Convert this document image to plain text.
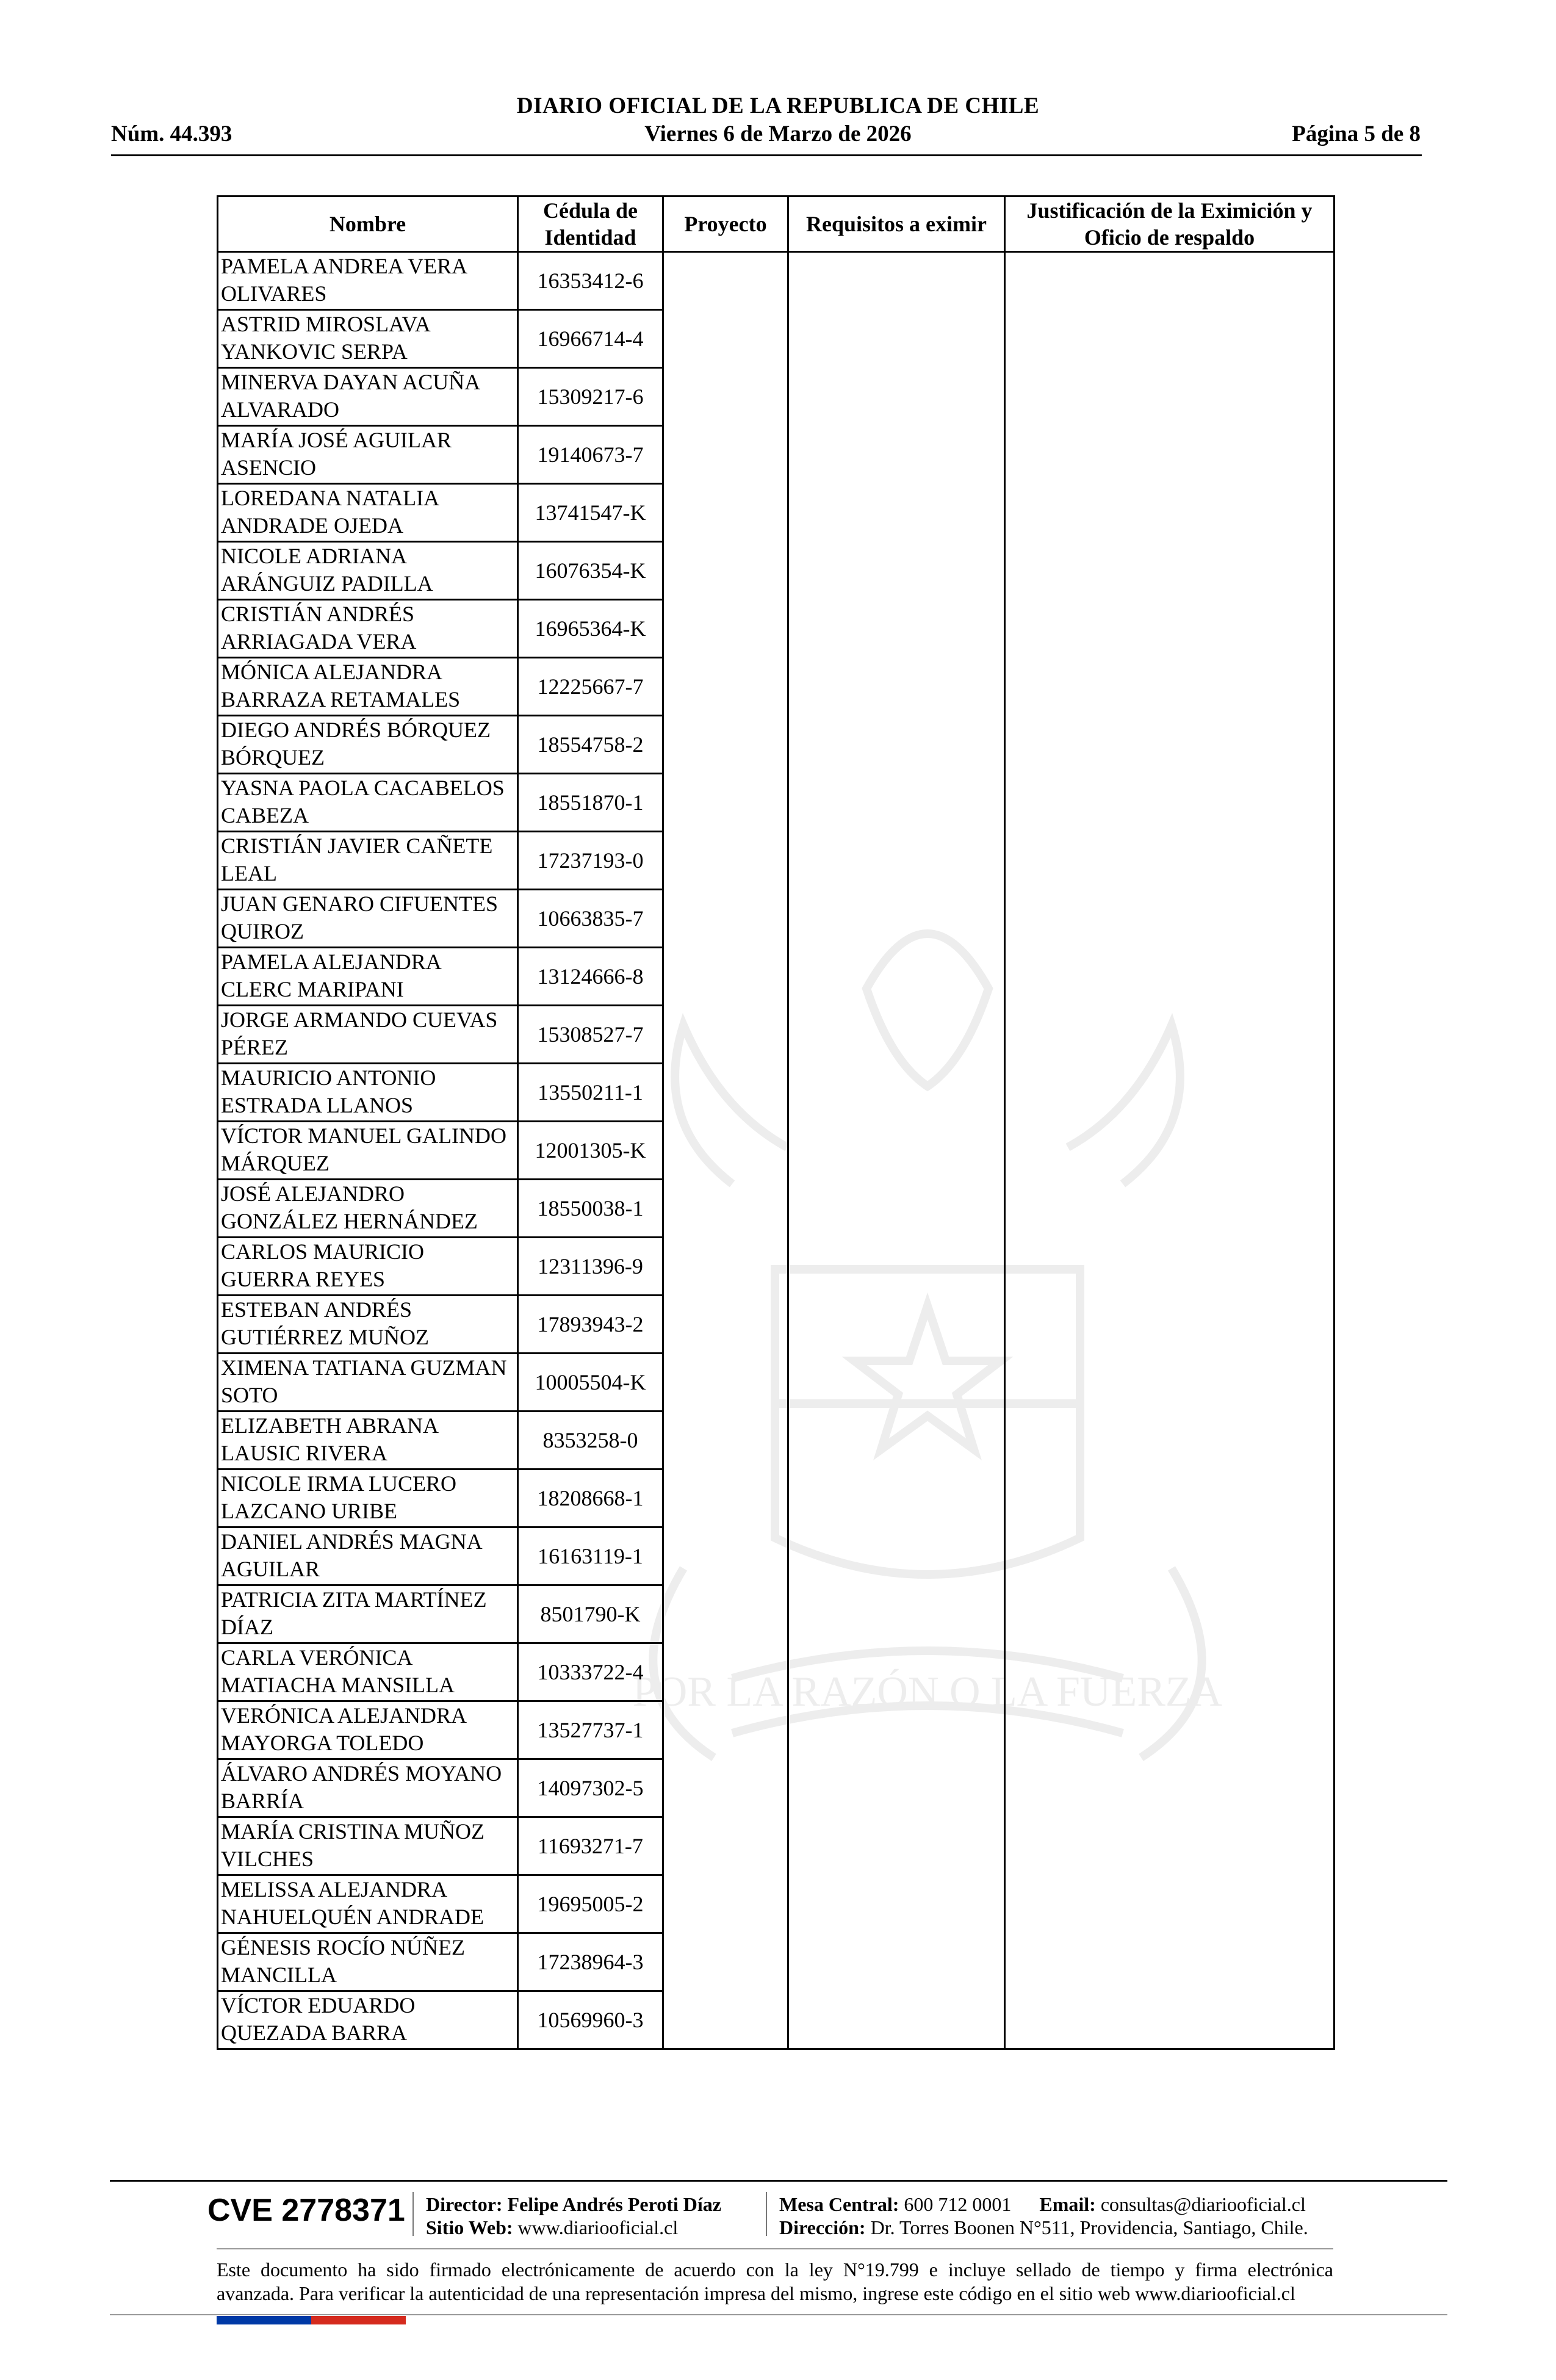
DIARIO OFICIAL DE LA REPUBLICA DE CHILE
Núm. 44.393	Viernes 6 de Marzo de 2026	Página 5 de 8
POR LA RAZÓN O LA FUERZA
Nombre	Cédula de Identidad	Proyecto	Requisitos a eximir	Justificación de la Eximición y Oficio de respaldo
PAMELA ANDREA VERA OLIVARES	16353412-6			
ASTRID MIROSLAVA YANKOVIC SERPA	16966714-4			
MINERVA DAYAN ACUÑA ALVARADO	15309217-6			
MARÍA JOSÉ AGUILAR ASENCIO	19140673-7			
LOREDANA NATALIA ANDRADE OJEDA	13741547-K			
NICOLE ADRIANA ARÁNGUIZ PADILLA	16076354-K			
CRISTIÁN ANDRÉS ARRIAGADA VERA	16965364-K			
MÓNICA ALEJANDRA BARRAZA RETAMALES	12225667-7			
DIEGO ANDRÉS BÓRQUEZ BÓRQUEZ	18554758-2			
YASNA PAOLA CACABELOS CABEZA	18551870-1			
CRISTIÁN JAVIER CAÑETE LEAL	17237193-0			
JUAN GENARO CIFUENTES QUIROZ	10663835-7			
PAMELA ALEJANDRA CLERC MARIPANI	13124666-8			
JORGE ARMANDO CUEVAS PÉREZ	15308527-7			
MAURICIO ANTONIO ESTRADA LLANOS	13550211-1			
VÍCTOR MANUEL GALINDO MÁRQUEZ	12001305-K			
JOSÉ ALEJANDRO GONZÁLEZ HERNÁNDEZ	18550038-1			
CARLOS MAURICIO GUERRA REYES	12311396-9			
ESTEBAN ANDRÉS GUTIÉRREZ MUÑOZ	17893943-2			
XIMENA TATIANA GUZMAN SOTO	10005504-K			
ELIZABETH ABRANA LAUSIC RIVERA	8353258-0			
NICOLE IRMA LUCERO LAZCANO URIBE	18208668-1			
DANIEL ANDRÉS MAGNA AGUILAR	16163119-1			
PATRICIA ZITA MARTÍNEZ DÍAZ	8501790-K			
CARLA VERÓNICA MATIACHA MANSILLA	10333722-4			
VERÓNICA ALEJANDRA MAYORGA TOLEDO	13527737-1			
ÁLVARO ANDRÉS MOYANO BARRÍA	14097302-5			
MARÍA CRISTINA MUÑOZ VILCHES	11693271-7			
MELISSA ALEJANDRA NAHUELQUÉN ANDRADE	19695005-2			
GÉNESIS ROCÍO NÚÑEZ MANCILLA	17238964-3			
VÍCTOR EDUARDO QUEZADA BARRA	10569960-3			
CVE 2778371 Director: Felipe Andrés Peroti Díaz
Sitio Web: www.diariooficial.cl
Mesa Central: 600 712 0001 Email: consultas@diariooficial.cl
Dirección: Dr. Torres Boonen N°511, Providencia, Santiago, Chile.
Este documento ha sido firmado electrónicamente de acuerdo con la ley N°19.799 e incluye sellado de tiempo y firma electrónica
avanzada. Para verificar la autenticidad de una representación impresa del mismo, ingrese este código en el sitio web www.diariooficial.cl
